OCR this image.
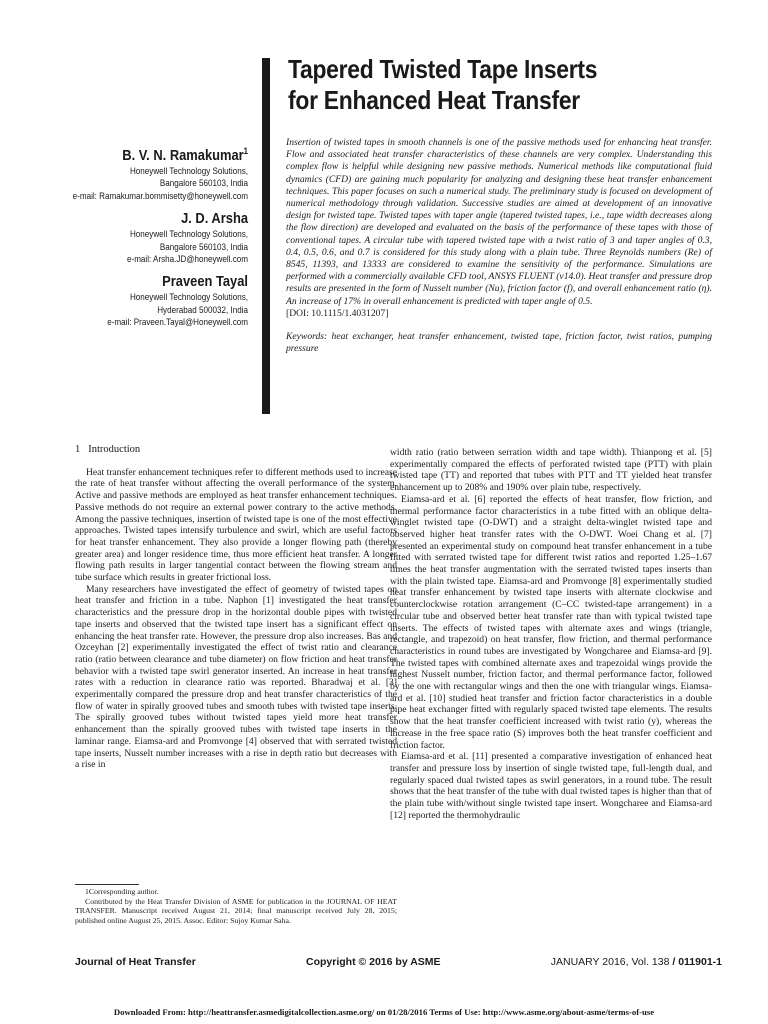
Tapered Twisted Tape Inserts
for Enhanced Heat Transfer
B. V. N. Ramakumar$^1$
Honeywell Technology Solutions,
Bangalore 560103, India
e-mail: Ramakumar.bommisetty@honeywell.com
J. D. Arsha
Honeywell Technology Solutions,
Bangalore 560103, India
e-mail: Arsha.JD@honeywell.com
Praveen Tayal
Honeywell Technology Solutions,
Hyderabad 500032, India
e-mail: Praveen.Tayal@Honeywell.com

Insertion of twisted tapes in smooth channels is one of the passive methods used for enhancing heat transfer. Flow and associated heat transfer characteristics of these channels are very complex. Understanding this complex flow is helpful while designing new passive methods. Numerical methods like computational fluid dynamics (CFD) are gaining much popularity for analyzing and designing these heat transfer enhancement techniques. This paper focuses on such a numerical study. The preliminary study is focused on development of numerical methodology through validation. Successive studies are aimed at development of an innovative design for twisted tape. Twisted tapes with taper angle (tapered twisted tapes, i.e., tape width decreases along the flow direction) are developed and evaluated on the basis of the performance of these tapes with those of conventional tapes. A circular tube with tapered twisted tape with a twist ratio of 3 and taper angles of 0.3, 0.4, 0.5, 0.6, and 0.7 is considered for this study along with a plain tube. Three Reynolds numbers (Re) of 8545, 11393, and 13333 are considered to examine the sensitivity of the performance. Simulations are performed with a commercially available CFD tool, ANSYS FLUENT (v14.0). Heat transfer and pressure drop results are presented in the form of Nusselt number (Nu), friction factor (f), and overall enhancement ratio (η). An increase of 17% in overall enhancement is predicted with taper angle of 0.5.
[DOI: 10.1115/1.4031207]

Keywords: heat exchanger, heat transfer enhancement, twisted tape, friction factor, twist ratios, pumping pressure

1 Introduction

Heat transfer enhancement techniques refer to different methods used to increase the rate of heat transfer without affecting the overall performance of the system. Active and passive methods are employed as heat transfer enhancement techniques. Passive methods do not require an external power contrary to the active methods. Among the passive techniques, insertion of twisted tape is one of the most effective approaches. Twisted tapes intensify turbulence and swirl, which are useful factors for heat transfer enhancement. They also provide a longer flowing path (thereby greater area) and longer residence time, thus more efficient heat transfer. A longer flowing path results in larger tangential contact between the flowing stream and tube surface which results in greater frictional loss.

Many researchers have investigated the effect of geometry of twisted tapes on heat transfer and friction in a tube. Naphon [1] investigated the heat transfer characteristics and the pressure drop in the horizontal double pipes with twisted tape inserts and observed that the twisted tape insert has a significant effect on enhancing the heat transfer rate. However, the pressure drop also increases. Bas and Ozceyhan [2] experimentally investigated the effect of twist ratio and clearance ratio (ratio between clearance and tube diameter) on flow friction and heat transfer behavior with a twisted tape swirl generator inserted. An increase in heat transfer rates with a reduction in clearance ratio was reported. Bharadwaj et al. [3] experimentally compared the pressure drop and heat transfer characteristics of the flow of water in spirally grooved tubes and smooth tubes with twisted tape inserts. The spirally grooved tubes without twisted tapes yield more heat transfer enhancement than the spirally grooved tubes with twisted tape inserts in the laminar range. Eiamsa-ard and Promvonge [4] observed that with serrated twisted tape inserts, Nusselt number increases with a rise in depth ratio but decreases with a rise in

width ratio (ratio between serration width and tape width). Thianpong et al. [5] experimentally compared the effects of perforated twisted tape (PTT) with plain twisted tape (TT) and reported that tubes with PTT and TT yielded heat transfer enhancement up to 208% and 190% over plain tube, respectively.

Eiamsa-ard et al. [6] reported the effects of heat transfer, flow friction, and thermal performance factor characteristics in a tube fitted with an oblique delta-winglet twisted tape (O-DWT) and a straight delta-winglet twisted tape and observed higher heat transfer rates with the O-DWT. Woei Chang et al. [7] presented an experimental study on compound heat transfer enhancement in a tube fitted with serrated twisted tape for different twist ratios and reported 1.25–1.67 times the heat transfer augmentation with the serrated twisted tapes inserts than with the plain twisted tape. Eiamsa-ard and Promvonge [8] experimentally studied heat transfer enhancement by twisted tape inserts with alternate clockwise and counterclockwise rotation arrangement (C–CC twisted-tape arrangement) in a circular tube and observed better heat transfer rate than with typical twisted tape inserts. The effects of twisted tapes with alternate axes and wings (triangle, rectangle, and trapezoid) on heat transfer, flow friction, and thermal performance characteristics in round tubes are investigated by Wongcharee and Eiamsa-ard [9]. The twisted tapes with combined alternate axes and trapezoidal wings provide the highest Nusselt number, friction factor, and thermal performance factor, followed by the one with rectangular wings and then the one with triangular wings. Eiamsa-ard et al. [10] studied heat transfer and friction factor characteristics in a double pipe heat exchanger fitted with regularly spaced twisted tape elements. The results show that the heat transfer coefficient increased with twist ratio (y), whereas the increase in the free space ratio (S) improves both the heat transfer coefficient and friction factor.

Eiamsa-ard et al. [11] presented a comparative investigation of enhanced heat transfer and pressure loss by insertion of single twisted tape, full-length dual, and regularly spaced dual twisted tapes as swirl generators, in a round tube. The result shows that the heat transfer of the tube with dual twisted tapes is higher than that of the plain tube with/without single twisted tape insert. Wongcharee and Eiamsa-ard [12] reported the thermohydraulic

1Corresponding author.

Contributed by the Heat Transfer Division of ASME for publication in the JOURNAL OF HEAT TRANSFER. Manuscript received August 21, 2014; final manuscript received July 28, 2015; published online August 25, 2015. Assoc. Editor: Sujoy Kumar Saha.

Journal of Heat Transfer	Copyright © 2016 by ASME	JANUARY 2016, Vol. 138 / 011901-1
Downloaded From: http://heattransfer.asmedigitalcollection.asme.org/ on 01/28/2016 Terms of Use: http://www.asme.org/about-asme/terms-of-use
